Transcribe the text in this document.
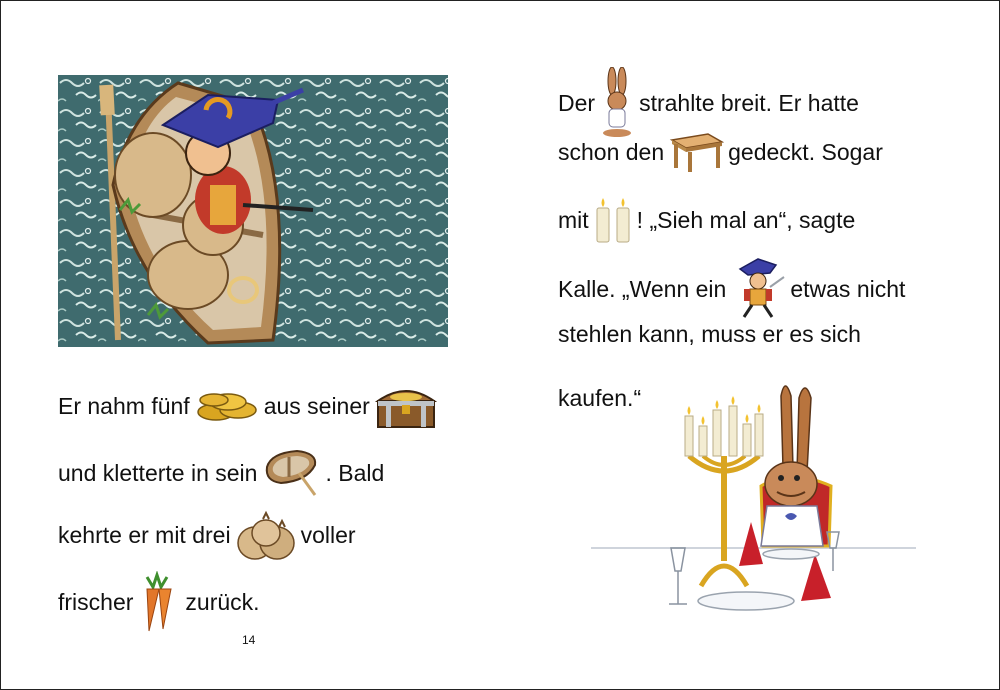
Er nahm fünf	aus seiner
und kletterte in sein	. Bald
kehrte er mit drei	voller
frischer zurück.
14
Der strahlte breit. Er hatte
schon den	gedeckt. Sogar
mit ! „Sieh mal an“, sagte
Kalle. „Wenn ein	etwas nicht
stehlen kann, muss er es sich
kaufen.“
